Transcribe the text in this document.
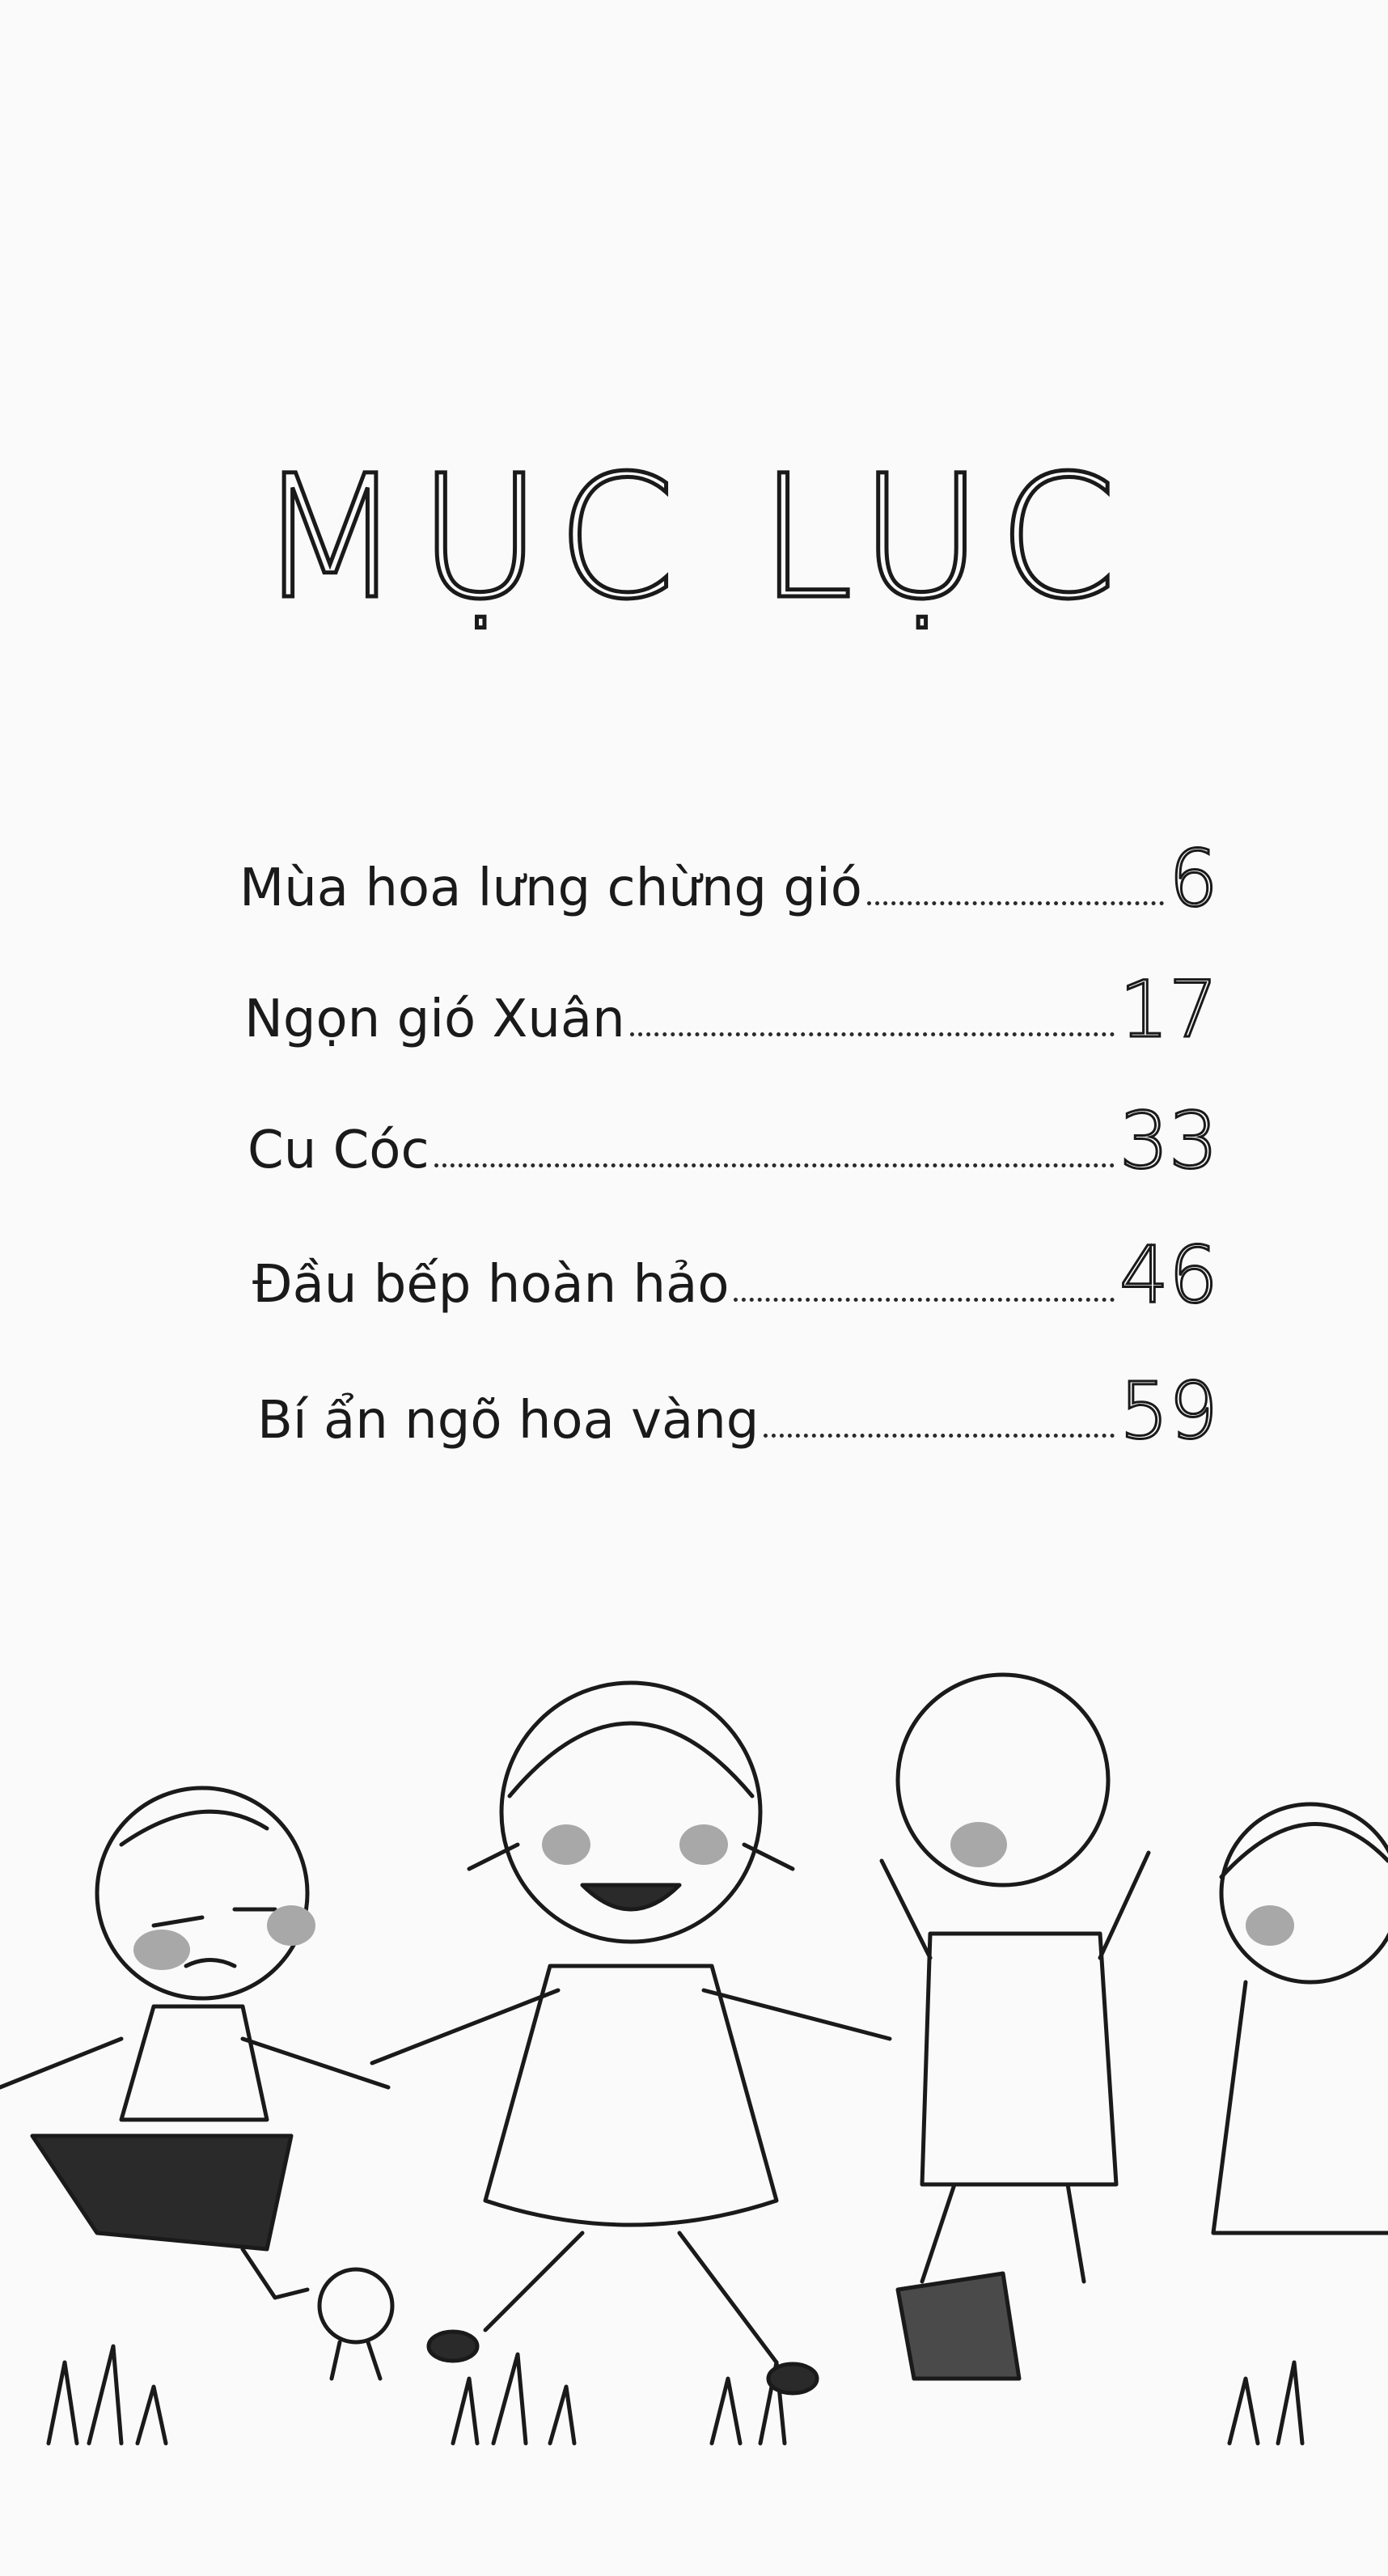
MỤC LỤC
Mùa hoa lưng chừng gió	6
Ngọn gió Xuân	17
Cu Cóc	33
Đầu bếp hoàn hảo	46
Bí ẩn ngõ hoa vàng	59
